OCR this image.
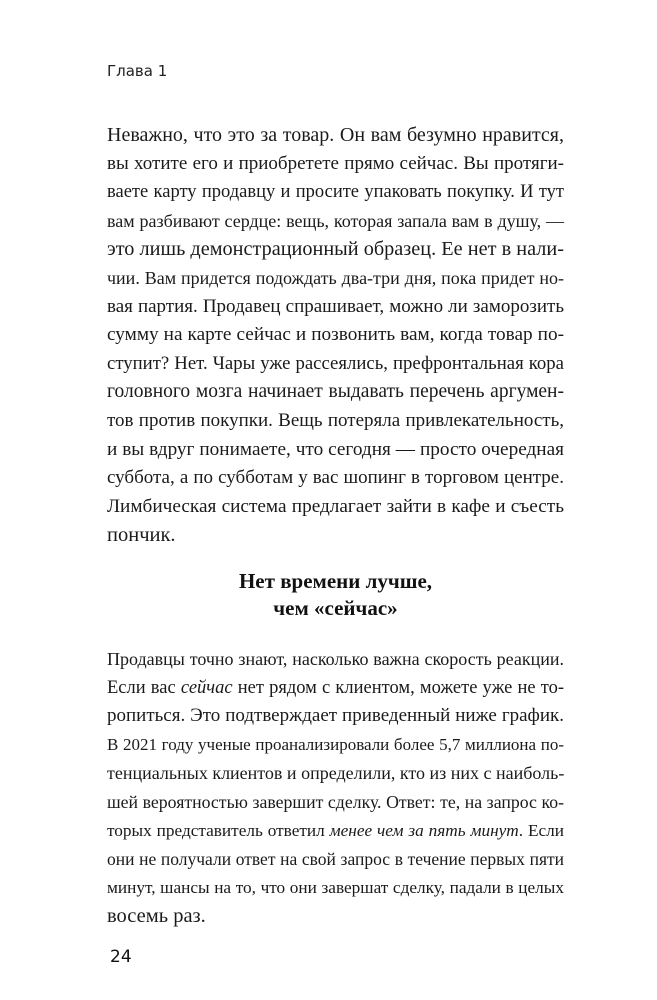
Глава 1
Неважно, что это за товар. Он вам безумно нравится,
вы хотите его и приобретете прямо сейчас. Вы протяги-
ваете карту продавцу и просите упаковать покупку. И тут
вам разбивают сердце: вещь, которая запала вам в душу, —
это лишь демонстрационный образец. Ее нет в нали-
чии. Вам придется подождать два-три дня, пока придет но-
вая партия. Продавец спрашивает, можно ли заморозить
сумму на карте сейчас и позвонить вам, когда товар по-
ступит? Нет. Чары уже рассеялись, префронтальная кора
головного мозга начинает выдавать перечень аргумен-
тов против покупки. Вещь потеряла привлекательность,
и вы вдруг понимаете, что сегодня — просто очередная
суббота, а по субботам у вас шопинг в торговом центре.
Лимбическая система предлагает зайти в кафе и съесть
пончик.
Нет времени лучше,
чем «сейчас»
Продавцы точно знают, насколько важна скорость реакции.
Если вас сейчас нет рядом с клиентом, можете уже не то-
ропиться. Это подтверждает приведенный ниже график.
В 2021 году ученые проанализировали более 5,7 миллиона по-
тенциальных клиентов и определили, кто из них с наиболь-
шей вероятностью завершит сделку. Ответ: те, на запрос ко-
торых представитель ответил менее чем за пять минут. Если
они не получали ответ на свой запрос в течение первых пяти
минут, шансы на то, что они завершат сделку, падали в целых
восемь раз.
24
